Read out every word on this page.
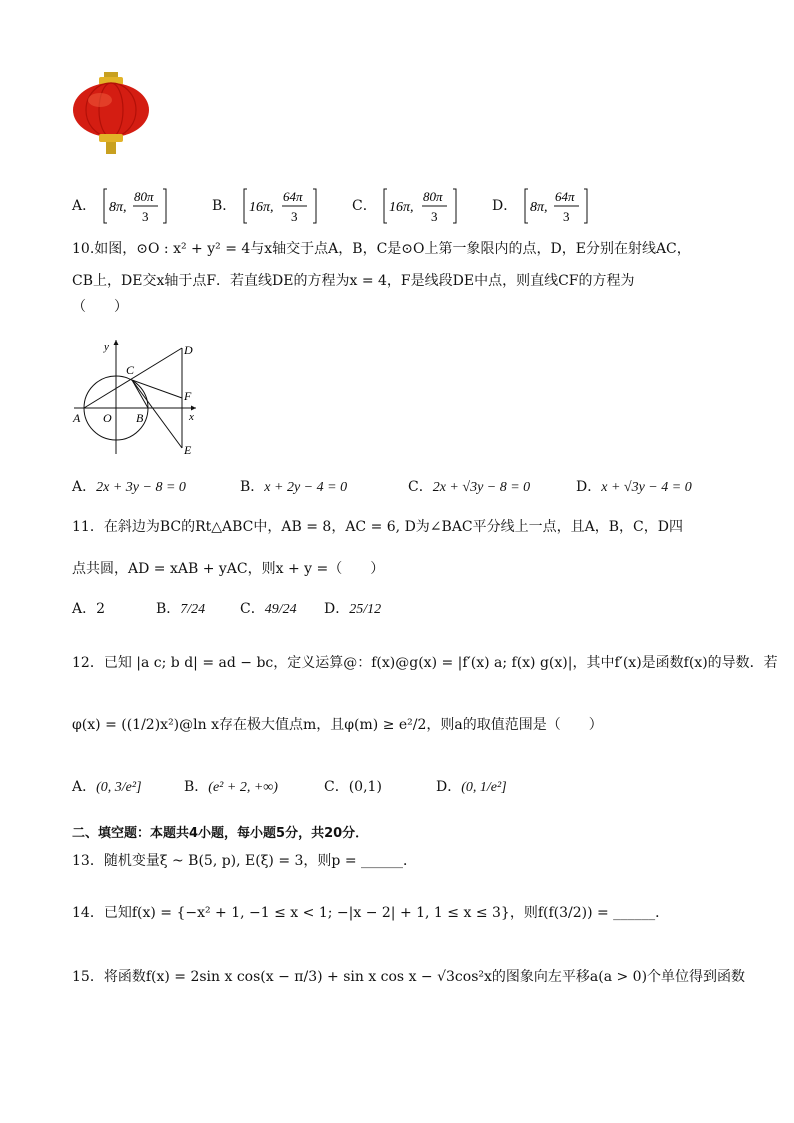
A． 8π,
80π
3
B． 16π,
64π
3
C． 16π,
80π
3
D． 8π,
64π
3
10.如图，⊙O : x² + y² = 4与x轴交于点A，B，C是⊙O上第一象限内的点，D，E分别在射线AC，
CB上，DE交x轴于点F．若直线DE的方程为x = 4，F是线段DE中点，则直线CF的方程为
（　　）
y
x
A O B
C
D
F
E
A．2x + 3y − 8 = 0	B．x + 2y − 4 = 0	C．2x + √3y − 8 = 0	D．x + √3y − 4 = 0
11．在斜边为BC的Rt△ABC中，AB = 8，AC = 6, D为∠BAC平分线上一点，且A，B，C，D四
点共圆，AD = xAB + yAC，则x + y =（　　）
A．2	B．7/24 C．49/24 D．25/12
12．已知 |a c; b d| = ad − bc，定义运算@：f(x)@g(x) = |f′(x) a; f(x) g(x)|，其中f′(x)是函数f(x)的导数．若
φ(x) = ((1/2)x²)@ln x存在极大值点m，且φ(m) ≥ e²/2，则a的取值范围是（　　）
A．(0, 3/e²]	B．(e² + 2, +∞)	C．(0,1)	D．(0, 1/e²]
二、填空题：本题共4小题，每小题5分，共20分．
13．随机变量ξ ~ B(5, p), E(ξ) = 3，则p = ______．
14．已知f(x) = {−x² + 1, −1 ≤ x < 1; −|x − 2| + 1, 1 ≤ x ≤ 3}，则f(f(3/2)) = ______．
15．将函数f(x) = 2sin x cos(x − π/3) + sin x cos x − √3cos²x的图象向左平移a(a > 0)个单位得到函数
